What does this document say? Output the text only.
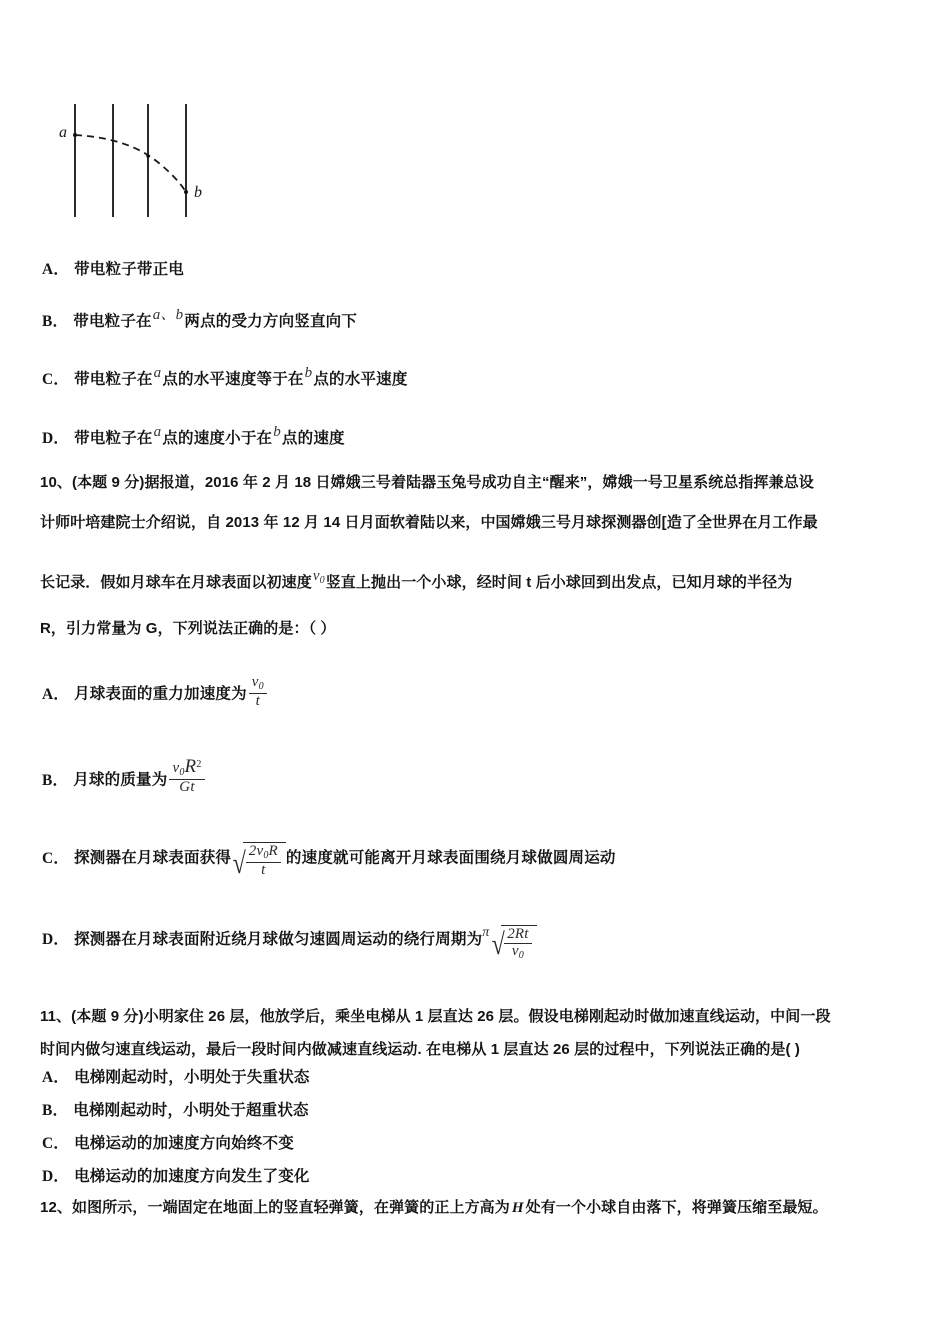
a
b
A． 带电粒子带正电
B． 带电粒子在a、b两点的受力方向竖直向下
C． 带电粒子在a点的水平速度等于在b点的水平速度
D． 带电粒子在a点的速度小于在b点的速度
10、(本题 9 分)据报道，2016 年 2 月 18 日嫦娥三号着陆器玉兔号成功自主“醒来”，嫦娥一号卫星系统总指挥兼总设
计师叶培建院士介绍说，自 2013 年 12 月 14 日月面软着陆以来，中国嫦娥三号月球探测器创[造了全世界在月工作最
长记录．假如月球车在月球表面以初速度$v_0$竖直上抛出一个小球，经时间 t 后小球回到出发点，已知月球的半径为
R，引力常量为 G，下列说法正确的是：（ ）
A． 月球表面的重力加速度为 $\frac{v_0}{t}$
B． 月球的质量为 $\frac{v_0R^2}{Gt}$
C． 探测器在月球表面获得√
$\frac{2v_0R}{t}$ 的速度就可能离开月球表面围绕月球做圆周运动
D． 探测器在月球表面附近绕月球做匀速圆周运动的绕行周期为π√
$\frac{2Rt}{v_0}$
11、(本题 9 分)小明家住 26 层，他放学后，乘坐电梯从 1 层直达 26 层。假设电梯刚起动时做加速直线运动，中间一段
时间内做匀速直线运动，最后一段时间内做减速直线运动. 在电梯从 1 层直达 26 层的过程中，下列说法正确的是( )
A． 电梯刚起动时，小明处于失重状态
B． 电梯刚起动时，小明处于超重状态
C． 电梯运动的加速度方向始终不变
D． 电梯运动的加速度方向发生了变化
12、如图所示，一端固定在地面上的竖直轻弹簧，在弹簧的正上方高为 H 处有一个小球自由落下，将弹簧压缩至最短。
